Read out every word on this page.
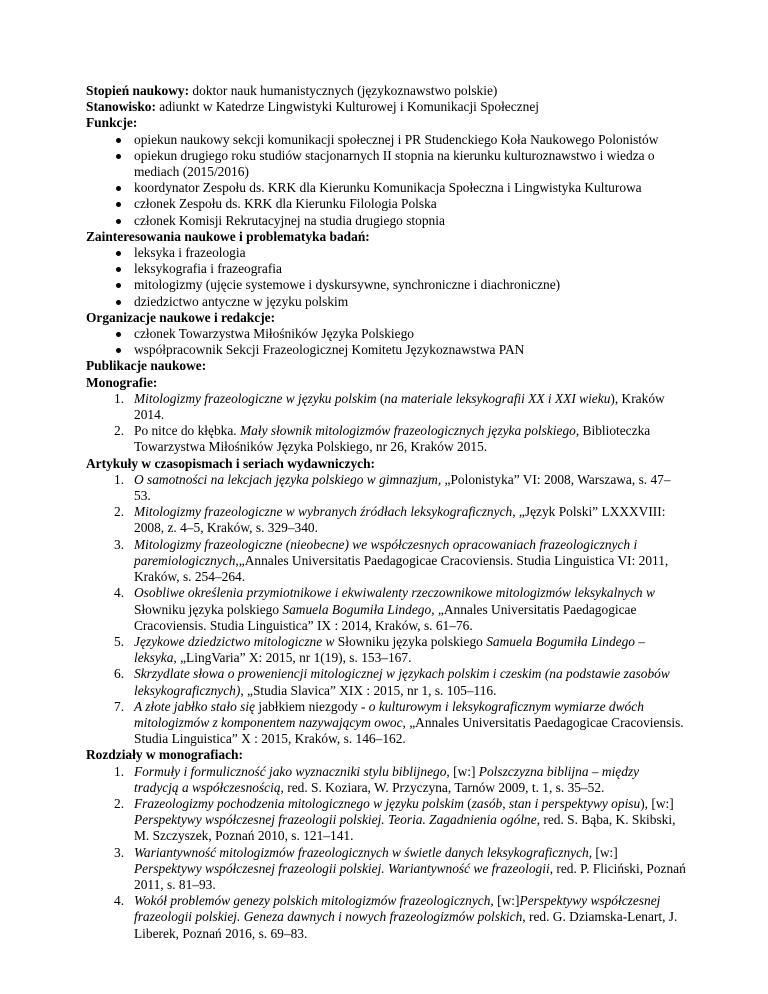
Stopień naukowy: doktor nauk humanistycznych (językoznawstwo polskie)

Stanowisko: adiunkt w Katedrze Lingwistyki Kulturowej i Komunikacji Społecznej

Funkcje:

opiekun naukowy sekcji komunikacji społecznej i PR Studenckiego Koła Naukowego Polonistów
opiekun drugiego roku studiów stacjonarnych II stopnia na kierunku kulturoznawstwo i wiedza o mediach (2015/2016)
koordynator Zespołu ds. KRK dla Kierunku Komunikacja Społeczna i Lingwistyka Kulturowa
członek Zespołu ds. KRK dla Kierunku Filologia Polska
członek Komisji Rekrutacyjnej na studia drugiego stopnia

Zainteresowania naukowe i problematyka badań:

leksyka i frazeologia
leksykografia i frazeografia
mitologizmy (ujęcie systemowe i dyskursywne, synchroniczne i diachroniczne)
dziedzictwo antyczne w języku polskim

Organizacje naukowe i redakcje:

członek Towarzystwa Miłośników Języka Polskiego
współpracownik Sekcji Frazeologicznej Komitetu Językoznawstwa PAN

Publikacje naukowe:

Monografie:

1. Mitologizmy frazeologiczne w języku polskim (na materiale leksykografii XX i XXI wieku), Kraków 2014.
2. Po nitce do kłębka. Mały słownik mitologizmów frazeologicznych języka polskiego, Biblioteczka Towarzystwa Miłośników Języka Polskiego, nr 26, Kraków 2015.

Artykuły w czasopismach i seriach wydawniczych:

1. O samotności na lekcjach języka polskiego w gimnazjum, „Polonistyka” VI: 2008, Warszawa, s. 47–53.
2. Mitologizmy frazeologiczne w wybranych źródłach leksykograficznych, „Język Polski” LXXXVIII: 2008, z. 4–5, Kraków, s. 329–340.
3. Mitologizmy frazeologiczne (nieobecne) we współczesnych opracowaniach frazeologicznych i paremiologicznych,„Annales Universitatis Paedagogicae Cracoviensis. Studia Linguistica VI: 2011, Kraków, s. 254–264.
4. Osobliwe określenia przymiotnikowe i ekwiwalenty rzeczownikowe mitologizmów leksykalnych w Słowniku języka polskiego Samuela Bogumiła Lindego, „Annales Universitatis Paedagogicae Cracoviensis. Studia Linguistica” IX : 2014, Kraków, s. 61–76.
5. Językowe dziedzictwo mitologiczne w Słowniku języka polskiego Samuela Bogumiła Lindego – leksyka, „LingVaria” X: 2015, nr 1(19), s. 153–167.
6. Skrzydlate słowa o proweniencji mitologicznej w językach polskim i czeskim (na podstawie zasobów leksykograficznych), „Studia Slavica” XIX : 2015, nr 1, s. 105–116.
7. A złote jabłko stało się jabłkiem niezgody - o kulturowym i leksykograficznym wymiarze dwóch mitologizmów z komponentem nazywającym owoc, „Annales Universitatis Paedagogicae Cracoviensis. Studia Linguistica” X : 2015, Kraków, s. 146–162.

Rozdziały w monografiach:

1. Formuły i formuliczność jako wyznaczniki stylu biblijnego, [w:] Polszczyzna biblijna – między tradycją a współczesnością, red. S. Koziara, W. Przyczyna, Tarnów 2009, t. 1, s. 35–52.
2. Frazeologizmy pochodzenia mitologicznego w języku polskim (zasób, stan i perspektywy opisu), [w:] Perspektywy współczesnej frazeologii polskiej. Teoria. Zagadnienia ogólne, red. S. Bąba, K. Skibski, M. Szczyszek, Poznań 2010, s. 121–141.
3. Wariantywność mitologizmów frazeologicznych w świetle danych leksykograficznych, [w:] Perspektywy współczesnej frazeologii polskiej. Wariantywność we frazeologii, red. P. Fliciński, Poznań 2011, s. 81–93.
4. Wokół problemów genezy polskich mitologizmów frazeologicznych, [w:]Perspektywy współczesnej frazeologii polskiej. Geneza dawnych i nowych frazeologizmów polskich, red. G. Dziamska-Lenart, J. Liberek, Poznań 2016, s. 69–83.
